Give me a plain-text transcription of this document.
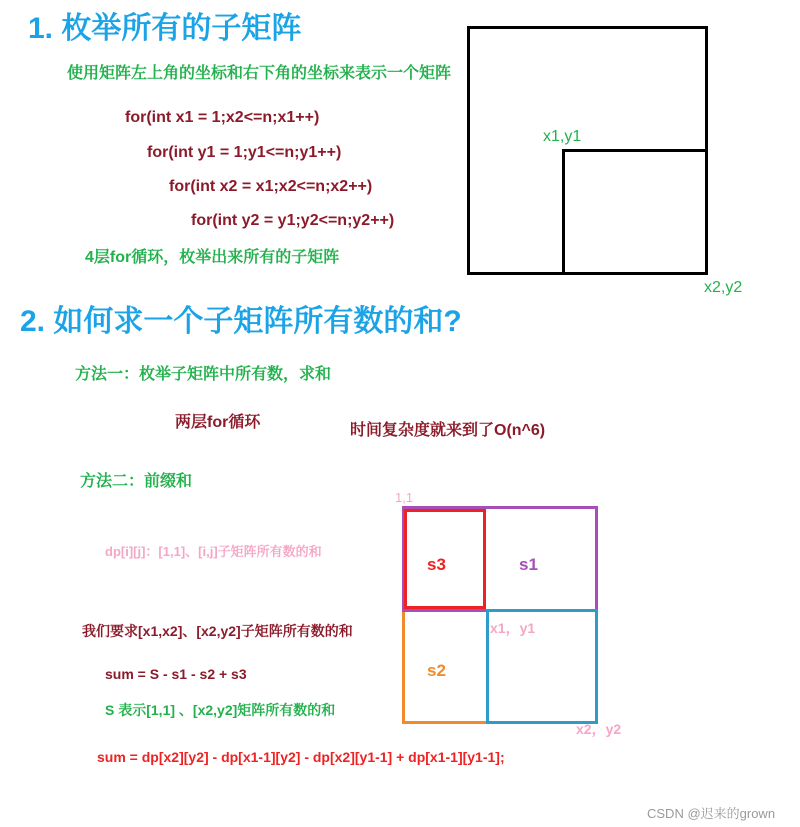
1. 枚举所有的子矩阵
使用矩阵左上角的坐标和右下角的坐标来表示一个矩阵
for(int x1 = 1;x2<=n;x1++)
for(int y1 = 1;y1<=n;y1++)
for(int x2 = x1;x2<=n;x2++)
for(int y2 = y1;y2<=n;y2++)
4层for循环，枚举出来所有的子矩阵
x1,y1
x2,y2
2. 如何求一个子矩阵所有数的和?
方法一：枚举子矩阵中所有数，求和
两层for循环	时间复杂度就来到了O(n^6)
方法二：前缀和
dp[i][j]：[1,1]、[i,j]子矩阵所有数的和
我们要求[x1,x2]、[x2,y2]子矩阵所有数的和
sum = S - s1 - s2 + s3
S 表示[1,1] 、[x2,y2]矩阵所有数的和
sum = dp[x2][y2] - dp[x1-1][y2] - dp[x2][y1-1] + dp[x1-1][y1-1];
1,1
s3	s1
s2
x1，y1
x2，y2
CSDN @迟来的grown
